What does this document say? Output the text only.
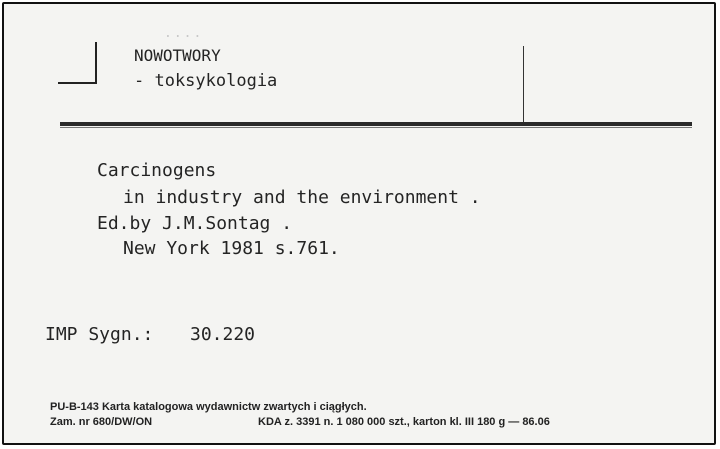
....
NOWOTWORY
- toksykologia
Carcinogens
in industry and the environment .
Ed.by J.M.Sontag .
New York 1981 s.761.
IMP Sygn.: 30.220
PU-B-143 Karta katalogowa wydawnictw zwartych i ciągłych.
Zam. nr 680/DW/ON	KDA z. 3391 n. 1 080 000 szt., karton kl. III 180 g — 86.06
